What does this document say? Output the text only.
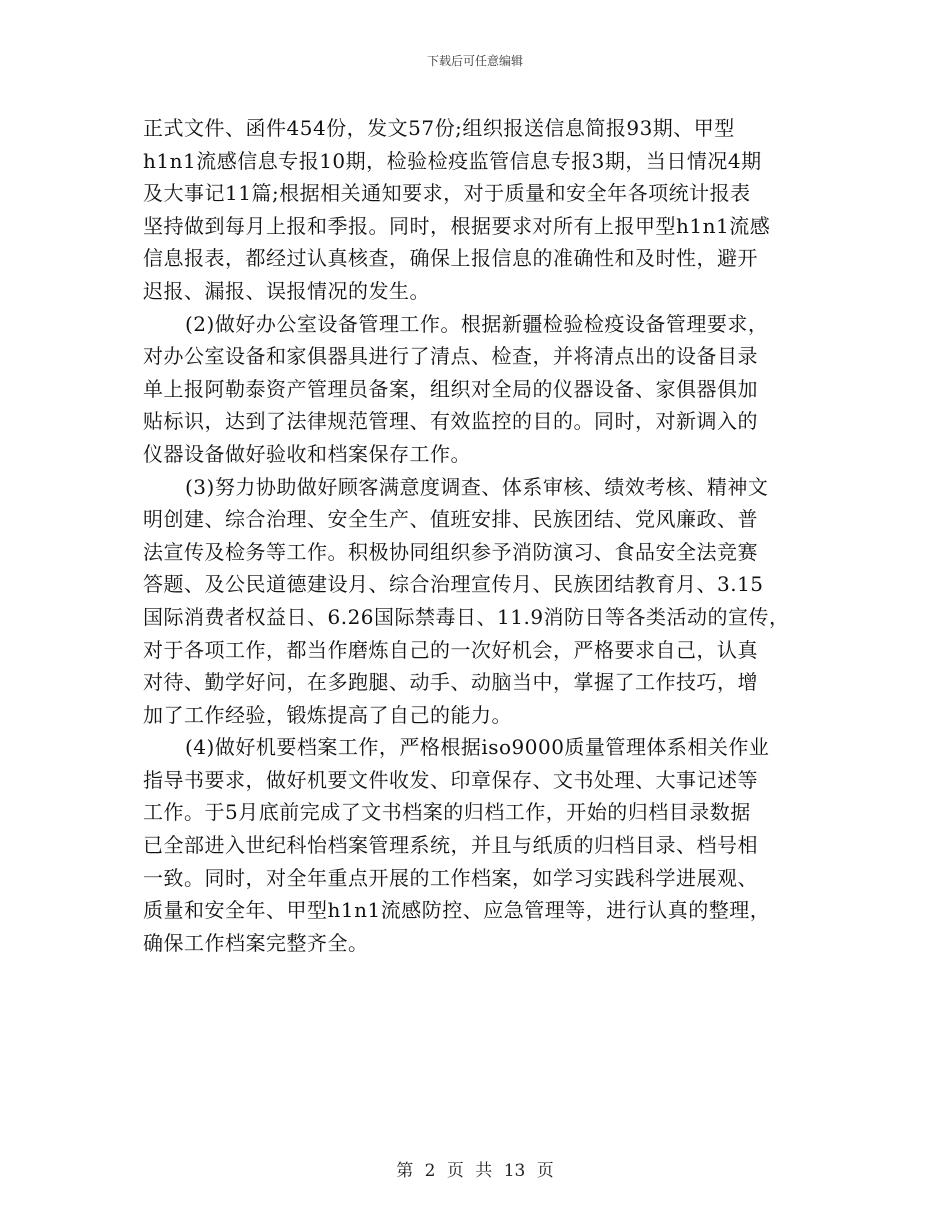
下载后可任意编辑

正式文件、函件454份，发文57份;组织报送信息简报93期、甲型
h1n1流感信息专报10期，检验检疫监管信息专报3期，当日情况4期
及大事记11篇;根据相关通知要求，对于质量和安全年各项统计报表
坚持做到每月上报和季报。同时，根据要求对所有上报甲型h1n1流感
信息报表，都经过认真核查，确保上报信息的准确性和及时性，避开
迟报、漏报、误报情况的发生。

(2)做好办公室设备管理工作。根据新疆检验检疫设备管理要求，
对办公室设备和家俱器具进行了清点、检查，并将清点出的设备目录
单上报阿勒泰资产管理员备案，组织对全局的仪器设备、家俱器俱加
贴标识，达到了法律规范管理、有效监控的目的。同时，对新调入的
仪器设备做好验收和档案保存工作。

(3)努力协助做好顾客满意度调查、体系审核、绩效考核、精神文
明创建、综合治理、安全生产、值班安排、民族团结、党风廉政、普
法宣传及检务等工作。积极协同组织参予消防演习、食品安全法竞赛
答题、及公民道德建设月、综合治理宣传月、民族团结教育月、3.15
国际消费者权益日、6.26国际禁毒日、11.9消防日等各类活动的宣传，
对于各项工作，都当作磨炼自己的一次好机会，严格要求自己，认真
对待、勤学好问，在多跑腿、动手、动脑当中，掌握了工作技巧，增
加了工作经验，锻炼提高了自己的能力。

(4)做好机要档案工作，严格根据iso9000质量管理体系相关作业
指导书要求，做好机要文件收发、印章保存、文书处理、大事记述等
工作。于5月底前完成了文书档案的归档工作，开始的归档目录数据
已全部进入世纪科怡档案管理系统，并且与纸质的归档目录、档号相
一致。同时，对全年重点开展的工作档案，如学习实践科学进展观、
质量和安全年、甲型h1n1流感防控、应急管理等，进行认真的整理，
确保工作档案完整齐全。

第 2 页 共 13 页
